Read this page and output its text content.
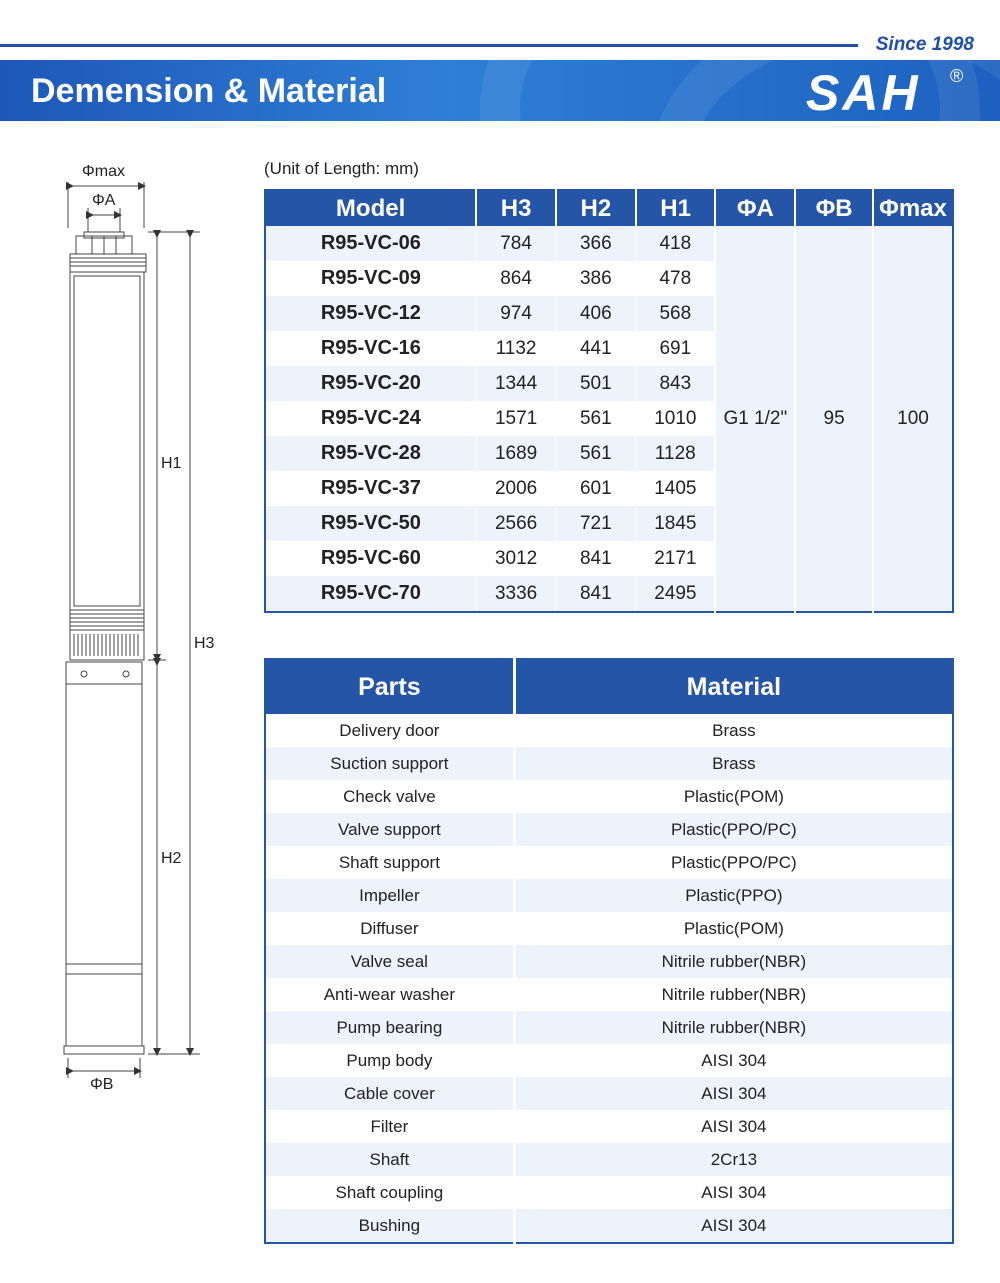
Since 1998
Demension & Material	SAH ®
Φmax
ΦA
ΦB
H1
H2
H3
(Unit of Length: mm)
Model	H3	H2	H1	ΦA	ΦB	Φmax
R95-VC-06	784	366	418	G1 1/2"	95	100
R95-VC-09	864	386	478			
R95-VC-12	974	406	568			
R95-VC-16	1132	441	691			
R95-VC-20	1344	501	843			
R95-VC-24	1571	561	1010			
R95-VC-28	1689	561	1128			
R95-VC-37	2006	601	1405			
R95-VC-50	2566	721	1845			
R95-VC-60	3012	841	2171			
R95-VC-70	3336	841	2495			
Parts	Material
Delivery door	Brass
Suction support	Brass
Check valve	Plastic(POM)
Valve support	Plastic(PPO/PC)
Shaft support	Plastic(PPO/PC)
Impeller	Plastic(PPO)
Diffuser	Plastic(POM)
Valve seal	Nitrile rubber(NBR)
Anti-wear washer	Nitrile rubber(NBR)
Pump bearing	Nitrile rubber(NBR)
Pump body	AISI 304
Cable cover	AISI 304
Filter	AISI 304
Shaft	2Cr13
Shaft coupling	AISI 304
Bushing	AISI 304
